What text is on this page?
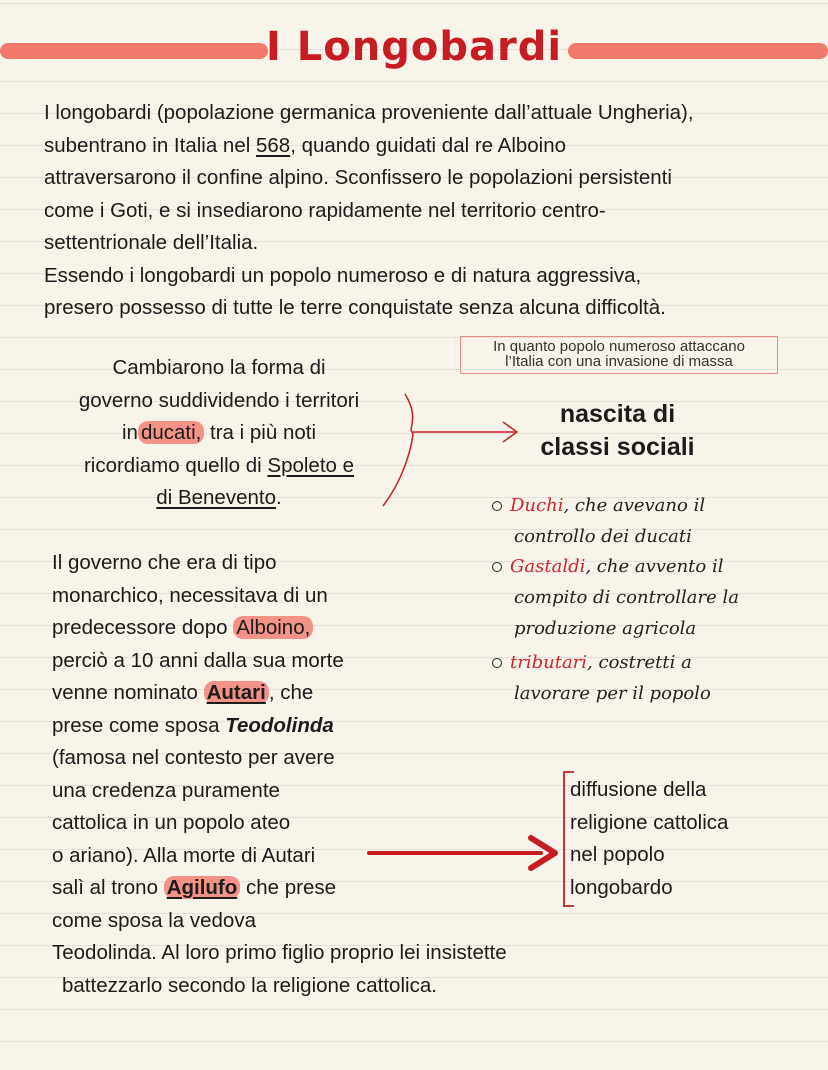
I Longobardi
I longobardi (popolazione germanica proveniente dall’attuale Ungheria),
subentrano in Italia nel 568, quando guidati dal re Alboino
attraversarono il confine alpino. Sconfissero le popolazioni persistenti
come i Goti, e si insediarono rapidamente nel territorio centro-
settentrionale dell’Italia.
Essendo i longobardi un popolo numeroso e di natura aggressiva,
presero possesso di tutte le terre conquistate senza alcuna difficoltà.
In quanto popolo numeroso attaccano
l’Italia con una invasione di massa
Cambiarono la forma di
governo suddividendo i territori
in ducati, tra i più noti
ricordiamo quello di Spoleto e
di Benevento.
nascita di
classi sociali
Duchi, che avevano il
controllo dei ducati
Gastaldi, che avvento il
compito di controllare la
produzione agricola
tributari, costretti a
lavorare per il popolo
Il governo che era di tipo
monarchico, necessitava di un
predecessore dopo Alboino,
perciò a 10 anni dalla sua morte
venne nominato Autari , che
prese come sposa Teodolinda
(famosa nel contesto per avere
una credenza puramente
cattolica in un popolo ateo
o ariano). Alla morte di Autari
salì al trono Agilufo che prese
come sposa la vedova
Teodolinda. Al loro primo figlio proprio lei insistette
battezzarlo secondo la religione cattolica.
diffusione della
religione cattolica
nel popolo
longobardo
